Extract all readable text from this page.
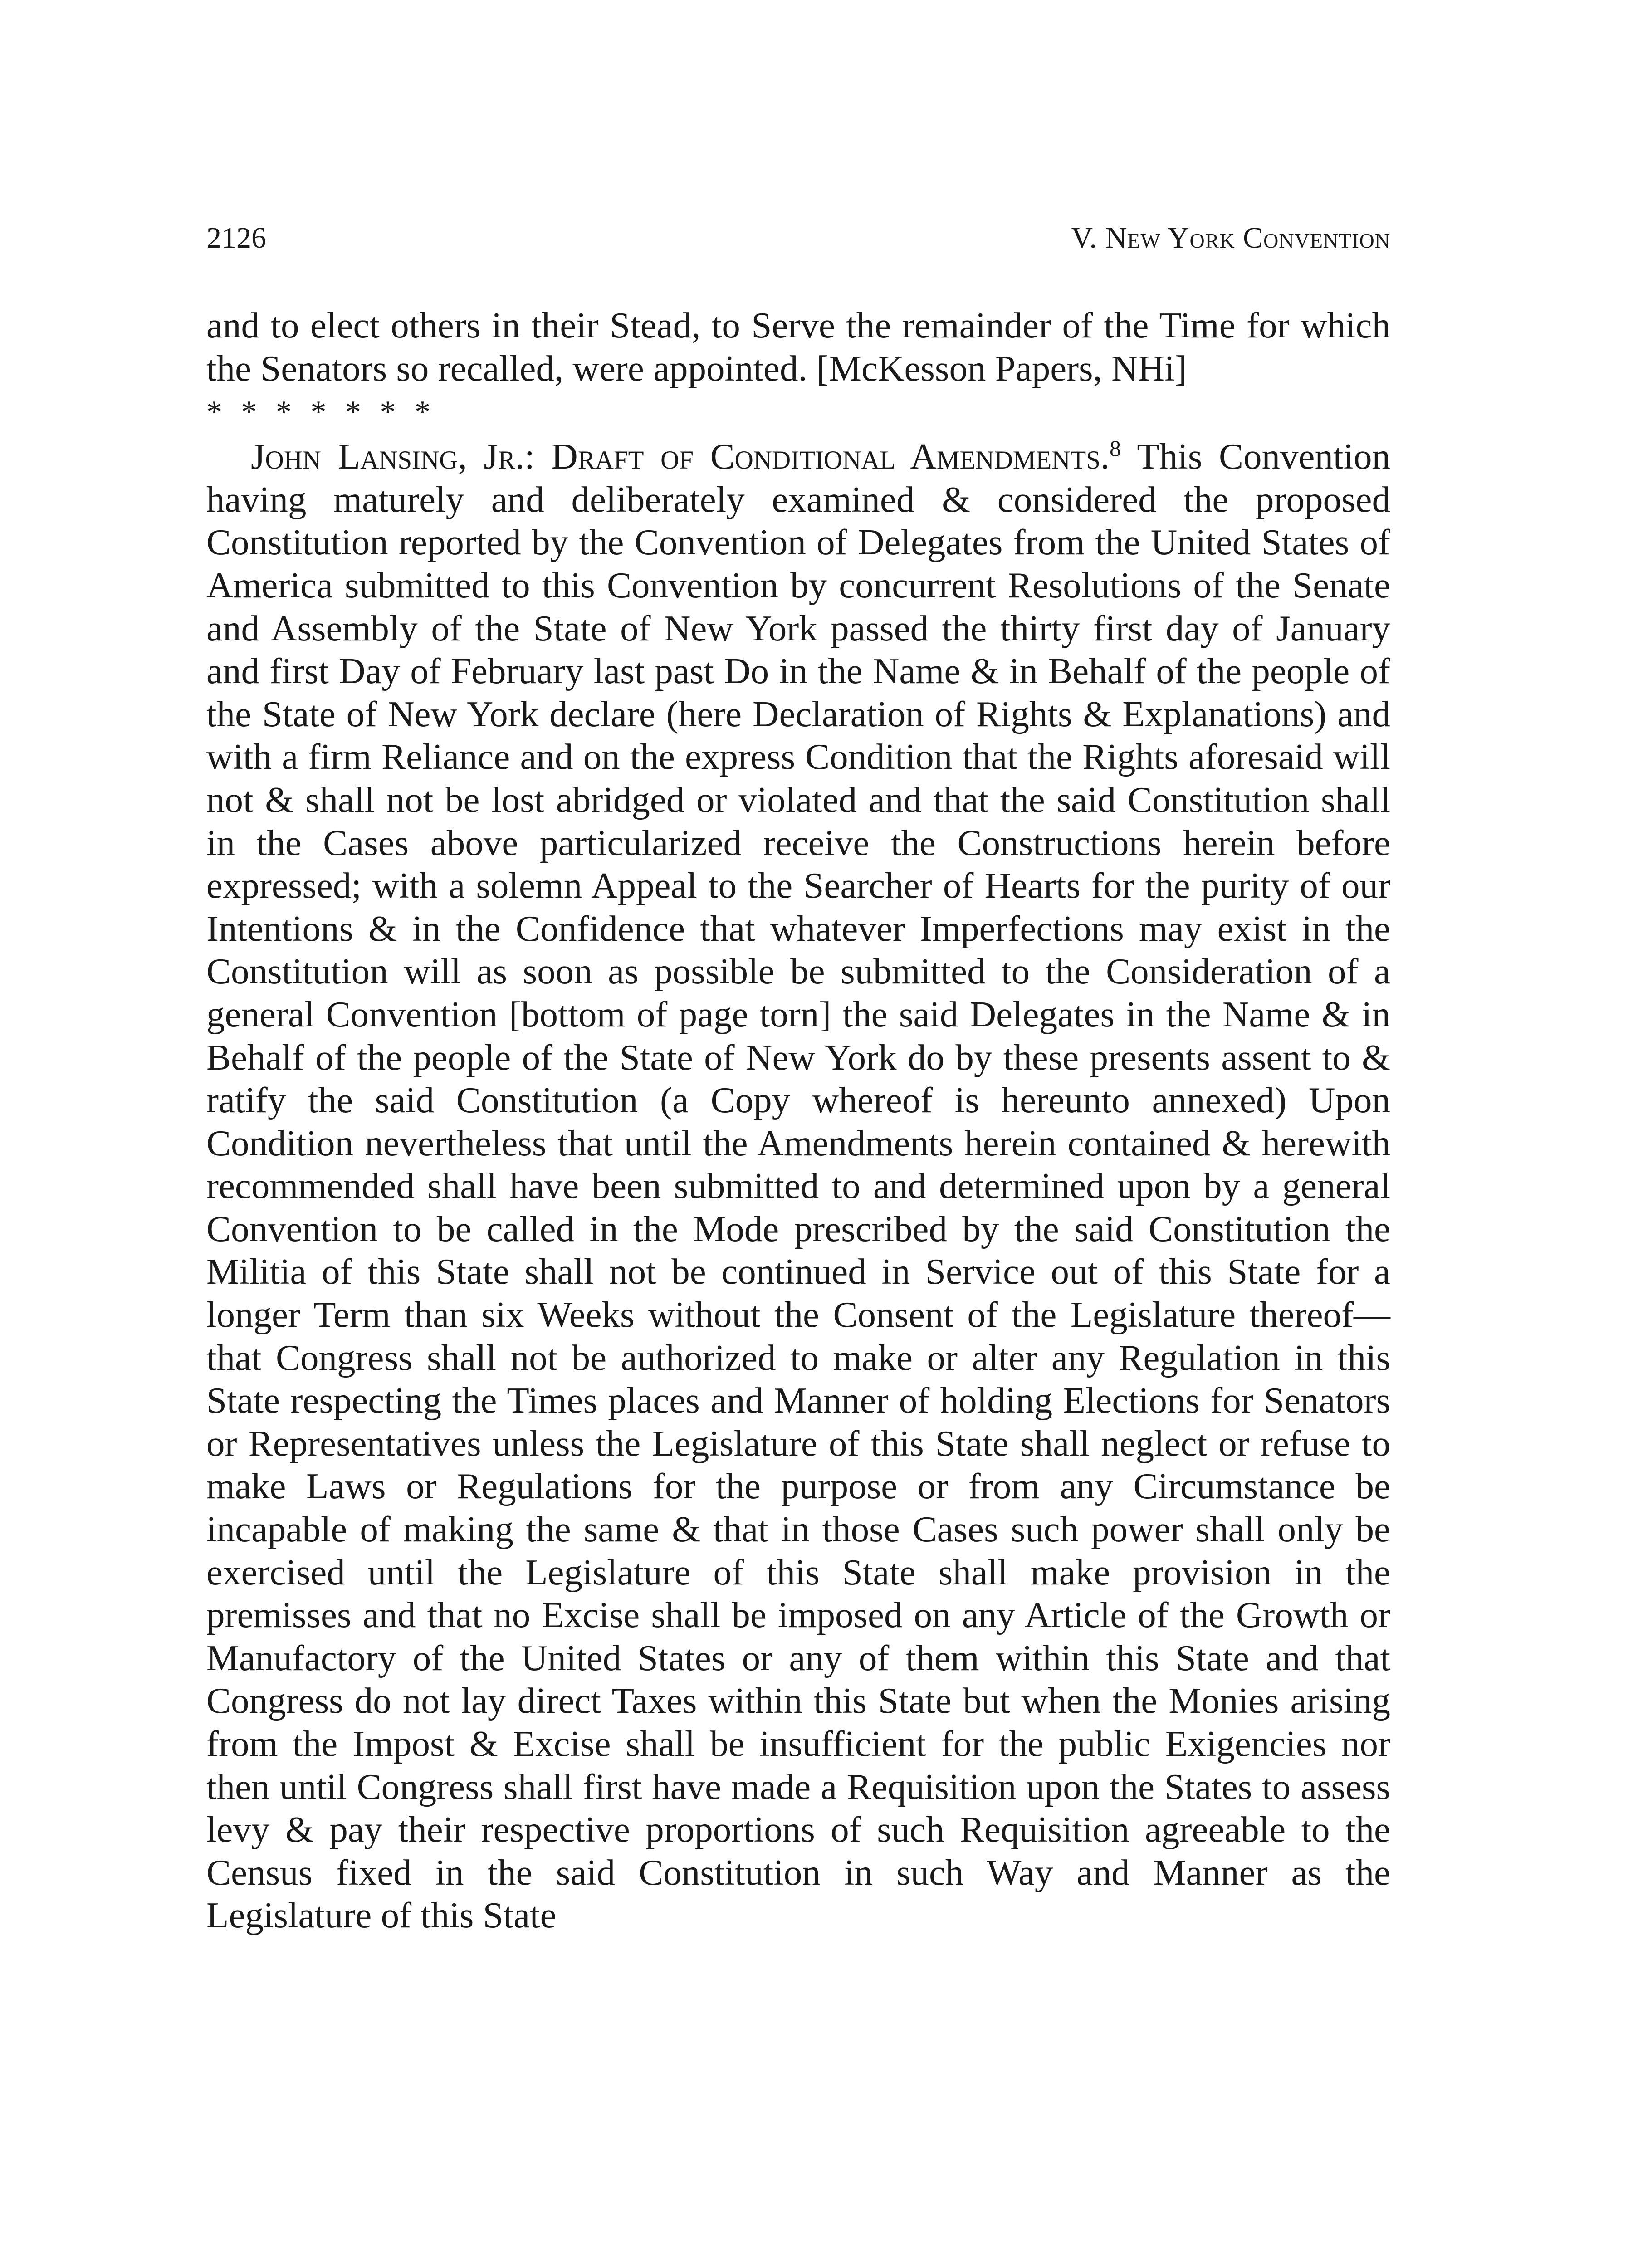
2126	V. New York Convention

and to elect others in their Stead, to Serve the remainder of the Time for which the Senators so recalled, were appointed. [McKesson Papers, NHi]

* * * * * * *

John Lansing, Jr.: Draft of Conditional Amendments.$^8$ This Convention having maturely and deliberately examined & considered the proposed Constitution reported by the Convention of Delegates from the United States of America submitted to this Convention by concurrent Resolutions of the Senate and Assembly of the State of New York passed the thirty first day of January and first Day of February last past Do in the Name & in Behalf of the people of the State of New York declare (here Declaration of Rights & Explanations) and with a firm Reliance and on the express Condition that the Rights aforesaid will not & shall not be lost abridged or violated and that the said Constitution shall in the Cases above particularized receive the Constructions herein before expressed; with a solemn Appeal to the Searcher of Hearts for the purity of our Intentions & in the Confidence that whatever Imperfections may exist in the Constitution will as soon as possible be submitted to the Consideration of a general Convention [bottom of page torn] the said Delegates in the Name & in Behalf of the people of the State of New York do by these presents assent to & ratify the said Constitution (a Copy whereof is hereunto annexed) Upon Condition nevertheless that until the Amendments herein contained & herewith recommended shall have been submitted to and determined upon by a general Convention to be called in the Mode prescribed by the said Constitution the Militia of this State shall not be continued in Service out of this State for a longer Term than six Weeks without the Consent of the Legislature thereof—that Congress shall not be authorized to make or alter any Regulation in this State respecting the Times places and Manner of holding Elections for Senators or Representatives unless the Legislature of this State shall neglect or refuse to make Laws or Regulations for the purpose or from any Circumstance be incapable of making the same & that in those Cases such power shall only be exercised until the Legislature of this State shall make provision in the premisses and that no Excise shall be imposed on any Article of the Growth or Manufactory of the United States or any of them within this State and that Congress do not lay direct Taxes within this State but when the Monies arising from the Impost & Excise shall be insufficient for the public Exigencies nor then until Congress shall first have made a Requisition upon the States to assess levy & pay their respective proportions of such Requisition agreeable to the Census fixed in the said Constitution in such Way and Manner as the Legislature of this State
